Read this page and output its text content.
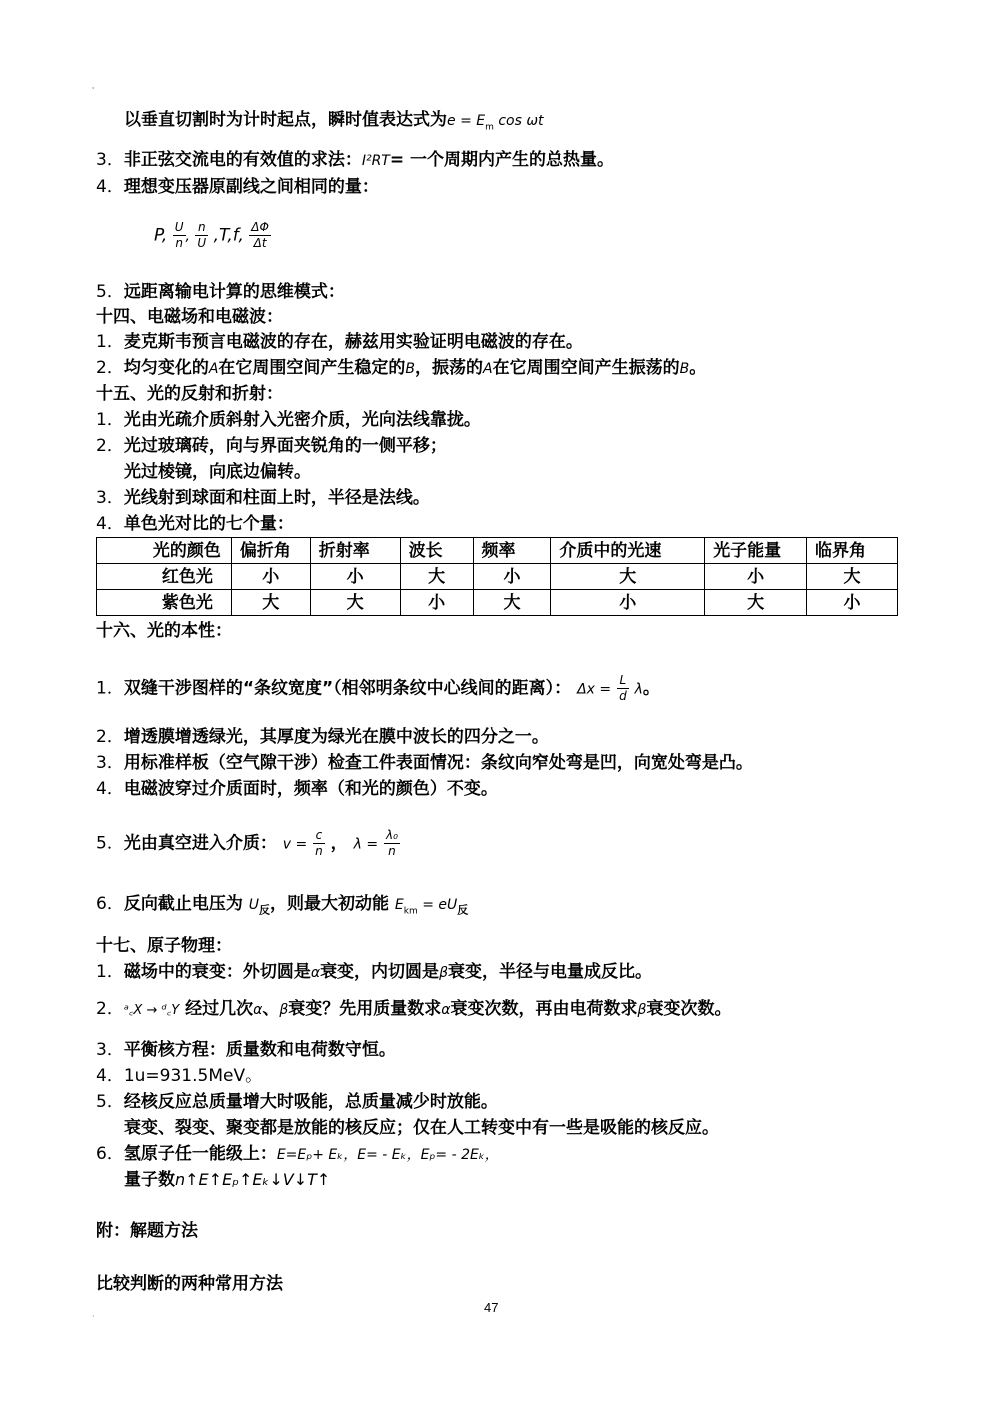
'
以垂直切割时为计时起点，瞬时值表达式为$e = E_m$ cos ωt
3．非正弦交流电的有效值的求法：I²RT= 一个周期内产生的总热量。
4．理想变压器原副线之间相同的量：
P, $\frac{U}{n}$ , $\frac{n}{U} ,T,f$, $\frac{\Delta\Phi}{\Delta t}$
5．远距离输电计算的思维模式：
十四、电磁场和电磁波：
1．麦克斯韦预言电磁波的存在，赫兹用实验证明电磁波的存在。
2．均匀变化的A在它周围空间产生稳定的B，振荡的A在它周围空间产生振荡的B。
十五、光的反射和折射：
1．光由光疏介质斜射入光密介质，光向法线靠拢。
2．光过玻璃砖，向与界面夹锐角的一侧平移；
光过棱镜，向底边偏转。
3．光线射到球面和柱面上时，半径是法线。
4．单色光对比的七个量：
光的颜色	偏折角	折射率	波长	频率	介质中的光速	光子能量	临界角
红色光	小	小	大	小	大	小	大
紫色光	大	大	小	大	小	大	小
十六、光的本性：
1．双缝干涉图样的“条纹宽度”（相邻明条纹中心线间的距离）： $\Delta x = \frac{L}{d}$ λ。
2．增透膜增透绿光，其厚度为绿光在膜中波长的四分之一。
3．用标准样板（空气隙干涉）检查工件表面情况：条纹向窄处弯是凹，向宽处弯是凸。
4．电磁波穿过介质面时，频率（和光的颜色）不变。
5．光由真空进入介质： $v = \frac{c}{n}$ ， $\lambda = \frac{\text{λ₀}}{n}$
6．反向截止电压为 $U_反$，则最大初动能 $E_{km} = eU_反$
十七、原子物理：
1．磁场中的衰变：外切圆是α衰变，内切圆是β衰变，半径与电量成反比。
2．ᵃ꜀X → ᵈ꜀Y 经过几次α、β衰变？先用质量数求α衰变次数，再由电荷数求β衰变次数。
3．平衡核方程：质量数和电荷数守恒。
4．1u=931.5MeV。
5．经核反应总质量增大时吸能，总质量减少时放能。
衰变、裂变、聚变都是放能的核反应；仅在人工转变中有一些是吸能的核反应。
6．氢原子任一能级上：E=Eₚ+ Eₖ，E= - Eₖ，Eₚ= - 2Eₖ，
量子数n↑E↑Eₚ↑Eₖ↓V↓T↑
附：解题方法
比较判断的两种常用方法
47
·
